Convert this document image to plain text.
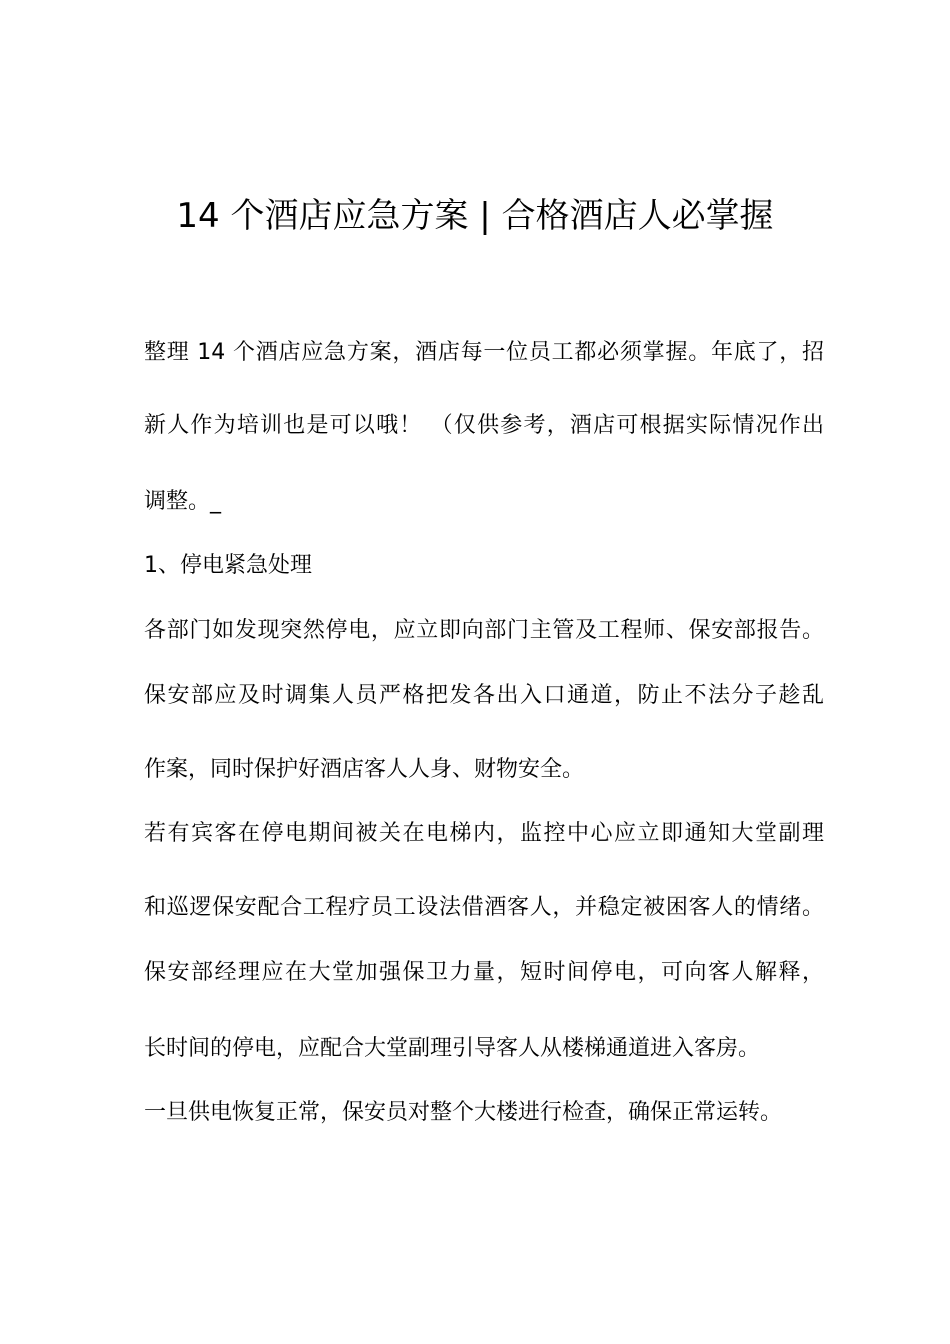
14 个酒店应急方案 | 合格酒店人必掌握
整理 14 个酒店应急方案，酒店每一位员工都必须掌握。年底了，招
新人作为培训也是可以哦！ （仅供参考，酒店可根据实际情况作出
调整。_
1、停电紧急处理
各部门如发现突然停电，应立即向部门主管及工程师、保安部报告。
保安部应及时调集人员严格把发各出入口通道，防止不法分子趁乱
作案，同时保护好酒店客人人身、财物安全。
若有宾客在停电期间被关在电梯内，监控中心应立即通知大堂副理
和巡逻保安配合工程疗员工设法借酒客人，并稳定被困客人的情绪。
保安部经理应在大堂加强保卫力量，短时间停电，可向客人解释，
长时间的停电，应配合大堂副理引导客人从楼梯通道进入客房。
一旦供电恢复正常，保安员对整个大楼进行检查，确保正常运转。
